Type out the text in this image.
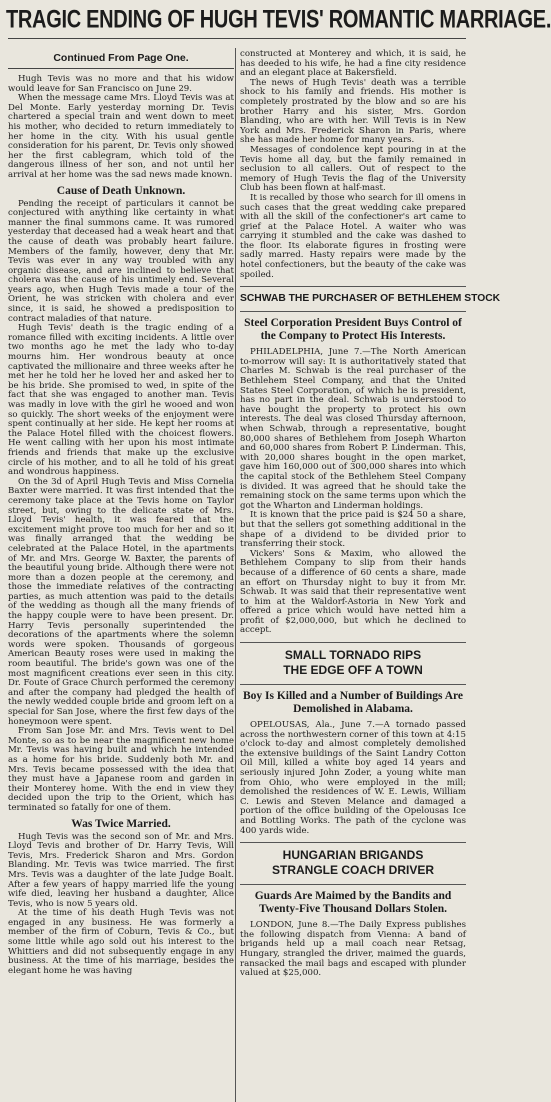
TRAGIC ENDING OF HUGH TEVIS' ROMANTIC MARRIAGE.
Continued From Page One.

Hugh Tevis was no more and that his widow would leave for San Francisco on June 29.

When the message came Mrs. Lloyd Tevis was at Del Monte. Early yesterday morning Dr. Tevis chartered a special train and went down to meet his mother, who decided to return immediately to her home in the city. With his usual gentle consideration for his parent, Dr. Tevis only showed her the first cablegram, which told of the dangerous illness of her son, and not until her arrival at her home was the sad news made known.

Cause of Death Unknown.

Pending the receipt of particulars it cannot be conjectured with anything like certainty in what manner the final summons came. It was rumored yesterday that deceased had a weak heart and that the cause of death was probably heart failure. Members of the family, however, deny that Mr. Tevis was ever in any way troubled with any organic disease, and are inclined to believe that cholera was the cause of his untimely end. Several years ago, when Hugh Tevis made a tour of the Orient, he was stricken with cholera and ever since, it is said, he showed a predisposition to contract maladies of that nature.

Hugh Tevis' death is the tragic ending of a romance filled with exciting incidents. A little over two months ago he met the lady who to-day mourns him. Her wondrous beauty at once captivated the millionaire and three weeks after he met her he told her he loved her and asked her to be his bride. She promised to wed, in spite of the fact that she was engaged to another man. Tevis was madly in love with the girl he wooed and won so quickly. The short weeks of the enjoyment were spent continually at her side. He kept her rooms at the Palace Hotel filled with the choicest flowers. He went calling with her upon his most intimate friends and friends that make up the exclusive circle of his mother, and to all he told of his great and wondrous happiness.

On the 3d of April Hugh Tevis and Miss Cornelia Baxter were married. It was first intended that the ceremony take place at the Tevis home on Taylor street, but, owing to the delicate state of Mrs. Lloyd Tevis' health, it was feared that the excitement might prove too much for her and so it was finally arranged that the wedding be celebrated at the Palace Hotel, in the apartments of Mr. and Mrs. George W. Baxter, the parents of the beautiful young bride. Although there were not more than a dozen people at the ceremony, and those the immediate relatives of the contracting parties, as much attention was paid to the details of the wedding as though all the many friends of the happy couple were to have been present. Dr. Harry Tevis personally superintended the decorations of the apartments where the solemn words were spoken. Thousands of gorgeous American Beauty roses were used in making the room beautiful. The bride's gown was one of the most magnificent creations ever seen in this city. Dr. Foute of Grace Church performed the ceremony and after the company had pledged the health of the newly wedded couple bride and groom left on a special for San Jose, where the first few days of the honeymoon were spent.

From San Jose Mr. and Mrs. Tevis went to Del Monte, so as to be near the magnificent new home Mr. Tevis was having built and which he intended as a home for his bride. Suddenly both Mr. and Mrs. Tevis became possessed with the idea that they must have a Japanese room and garden in their Monterey home. With the end in view they decided upon the trip to the Orient, which has terminated so fatally for one of them.

Was Twice Married.

Hugh Tevis was the second son of Mr. and Mrs. Lloyd Tevis and brother of Dr. Harry Tevis, Will Tevis, Mrs. Frederick Sharon and Mrs. Gordon Blanding. Mr. Tevis was twice married. The first Mrs. Tevis was a daughter of the late Judge Boalt. After a few years of happy married life the young wife died, leaving her husband a daughter, Alice Tevis, who is now 5 years old.

At the time of his death Hugh Tevis was not engaged in any business. He was formerly a member of the firm of Coburn, Tevis & Co., but some little while ago sold out his interest to the Whittiers and did not subsequently engage in any business. At the time of his marriage, besides the elegant home he was having

constructed at Monterey and which, it is said, he has deeded to his wife, he had a fine city residence and an elegant place at Bakersfield.

The news of Hugh Tevis' death was a terrible shock to his family and friends. His mother is completely prostrated by the blow and so are his brother Harry and his sister, Mrs. Gordon Blanding, who are with her. Will Tevis is in New York and Mrs. Frederick Sharon in Paris, where she has made her home for many years.

Messages of condolence kept pouring in at the Tevis home all day, but the family remained in seclusion to all callers. Out of respect to the memory of Hugh Tevis the flag of the University Club has been flown at half-mast.

It is recalled by those who search for ill omens in such cases that the great wedding cake prepared with all the skill of the confectioner's art came to grief at the Palace Hotel. A waiter who was carrying it stumbled and the cake was dashed to the floor. Its elaborate figures in frosting were sadly marred. Hasty repairs were made by the hotel confectioners, but the beauty of the cake was spoiled.

SCHWAB THE PURCHASER OF BETHLEHEM STOCK
Steel Corporation President Buys Control of the Company to Protect His Interests.

PHILADELPHIA, June 7.—The North American to-morrow will say: It is authoritatively stated that Charles M. Schwab is the real purchaser of the Bethlehem Steel Company, and that the United States Steel Corporation, of which he is president, has no part in the deal. Schwab is understood to have bought the property to protect his own interests. The deal was closed Thursday afternoon, when Schwab, through a representative, bought 80,000 shares of Bethlehem from Joseph Wharton and 60,000 shares from Robert P. Linderman. This, with 20,000 shares bought in the open market, gave him 160,000 out of 300,000 shares into which the capital stock of the Bethlehem Steel Company is divided. It was agreed that he should take the remaining stock on the same terms upon which the got the Wharton and Linderman holdings.

It is known that the price paid is $24 50 a share, but that the sellers got something additional in the shape of a dividend to be divided prior to transferring their stock.

Vickers' Sons & Maxim, who allowed the Bethlehem Company to slip from their hands because of a difference of 60 cents a share, made an effort on Thursday night to buy it from Mr. Schwab. It was said that their representative went to him at the Waldorf-Astoria in New York and offered a price which would have netted him a profit of $2,000,000, but which he declined to accept.

SMALL TORNADO RIPS
THE EDGE OFF A TOWN
Boy Is Killed and a Number of Buildings Are Demolished in Alabama.

OPELOUSAS, Ala., June 7.—A tornado passed across the northwestern corner of this town at 4:15 o'clock to-day and almost completely demolished the extensive buildings of the Saint Landry Cotton Oil Mill, killed a white boy aged 14 years and seriously injured John Zoder, a young white man from Ohio, who were employed in the mill; demolished the residences of W. E. Lewis, William C. Lewis and Steven Melance and damaged a portion of the office building of the Opelousas Ice and Bottling Works. The path of the cyclone was 400 yards wide.

HUNGARIAN BRIGANDS
STRANGLE COACH DRIVER
Guards Are Maimed by the Bandits and Twenty-Five Thousand Dollars Stolen.

LONDON, June 8.—The Daily Express publishes the following dispatch from Vienna: A band of brigands held up a mail coach near Retsag, Hungary, strangled the driver, maimed the guards, ransacked the mail bags and escaped with plunder valued at $25,000.
